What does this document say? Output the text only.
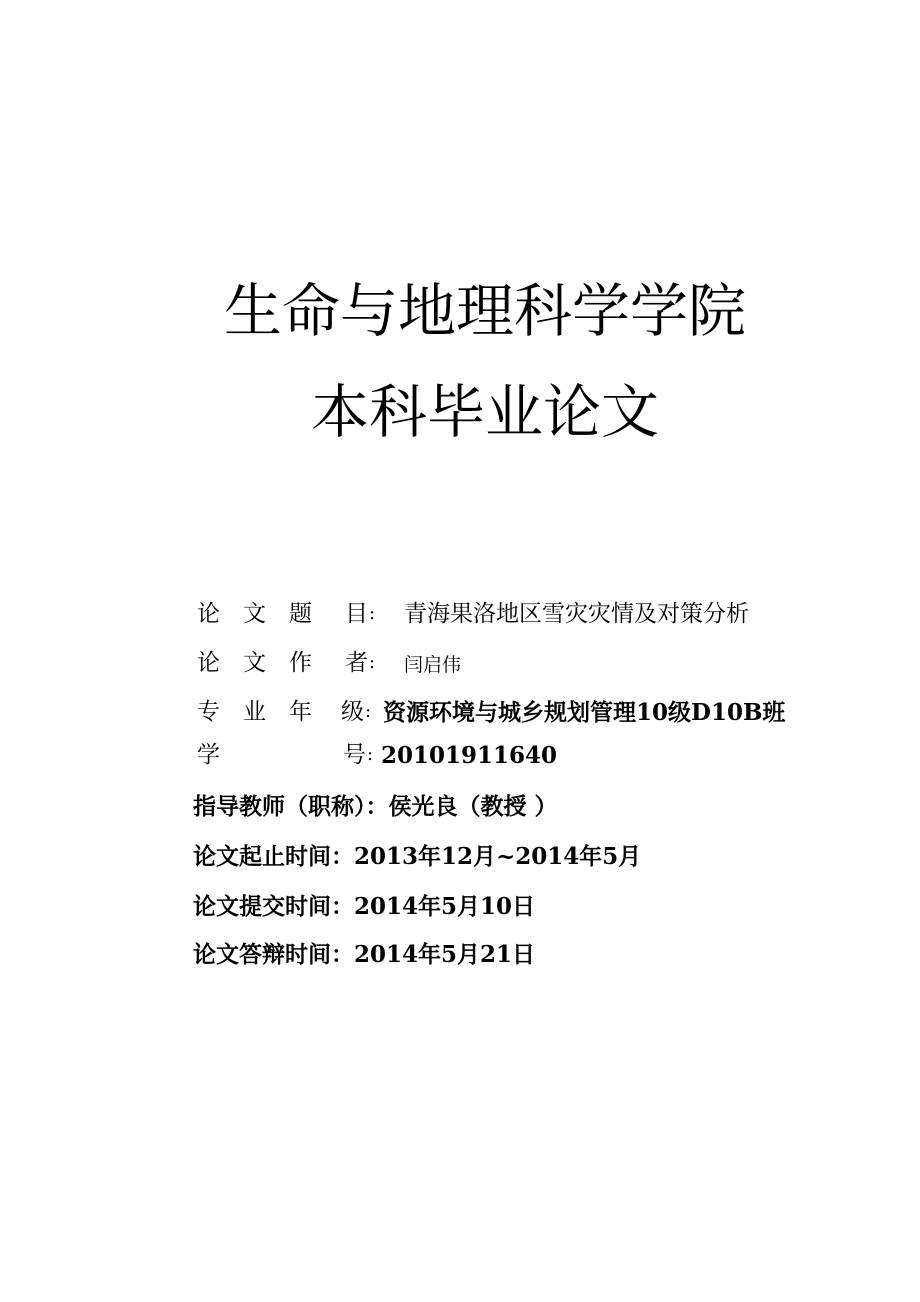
生命与地理科学学院
本科毕业论文
论 文 题 目 : 青海果洛地区雪灾灾情及对策分析
论 文 作 者 : 闫启伟
专 业 年 级 : 资源环境与城乡规划管理10级D10B班
学	号 : 20101911640
指导教师（职称）：侯光良（教授 ）
论文起止时间：2013年12月~2014年5月
论文提交时间：2014年5月10日
论文答辩时间：2014年5月21日
